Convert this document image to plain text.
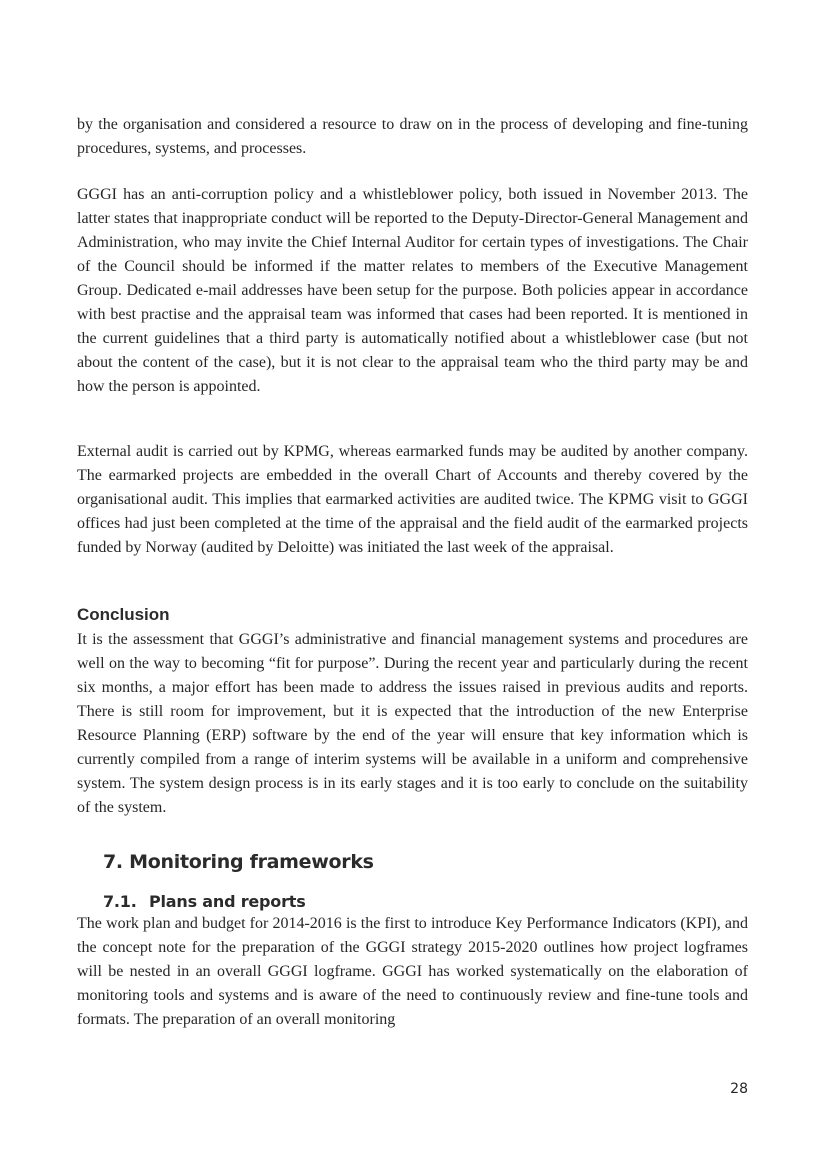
by the organisation and considered a resource to draw on in the process of developing and fine-tuning procedures, systems, and processes.

GGGI has an anti-corruption policy and a whistleblower policy, both issued in November 2013. The latter states that inappropriate conduct will be reported to the Deputy-Director-General Management and Administration, who may invite the Chief Internal Auditor for certain types of investigations. The Chair of the Council should be informed if the matter relates to members of the Executive Management Group. Dedicated e-mail addresses have been setup for the purpose. Both policies appear in accordance with best practise and the appraisal team was informed that cases had been reported. It is mentioned in the current guidelines that a third party is automatically notified about a whistleblower case (but not about the content of the case), but it is not clear to the appraisal team who the third party may be and how the person is appointed.

External audit is carried out by KPMG, whereas earmarked funds may be audited by another company. The earmarked projects are embedded in the overall Chart of Accounts and thereby covered by the organisational audit. This implies that earmarked activities are audited twice. The KPMG visit to GGGI offices had just been completed at the time of the appraisal and the field audit of the earmarked projects funded by Norway (audited by Deloitte) was initiated the last week of the appraisal.

Conclusion

It is the assessment that GGGI’s administrative and financial management systems and procedures are well on the way to becoming “fit for purpose”. During the recent year and particularly during the recent six months, a major effort has been made to address the issues raised in previous audits and reports. There is still room for improvement, but it is expected that the introduction of the new Enterprise Resource Planning (ERP) software by the end of the year will ensure that key information which is currently compiled from a range of interim systems will be available in a uniform and comprehensive system. The system design process is in its early stages and it is too early to conclude on the suitability of the system.

7. Monitoring frameworks
7.1. Plans and reports

The work plan and budget for 2014-2016 is the first to introduce Key Performance Indicators (KPI), and the concept note for the preparation of the GGGI strategy 2015-2020 outlines how project logframes will be nested in an overall GGGI logframe. GGGI has worked systematically on the elaboration of monitoring tools and systems and is aware of the need to continuously review and fine-tune tools and formats. The preparation of an overall monitoring

28
